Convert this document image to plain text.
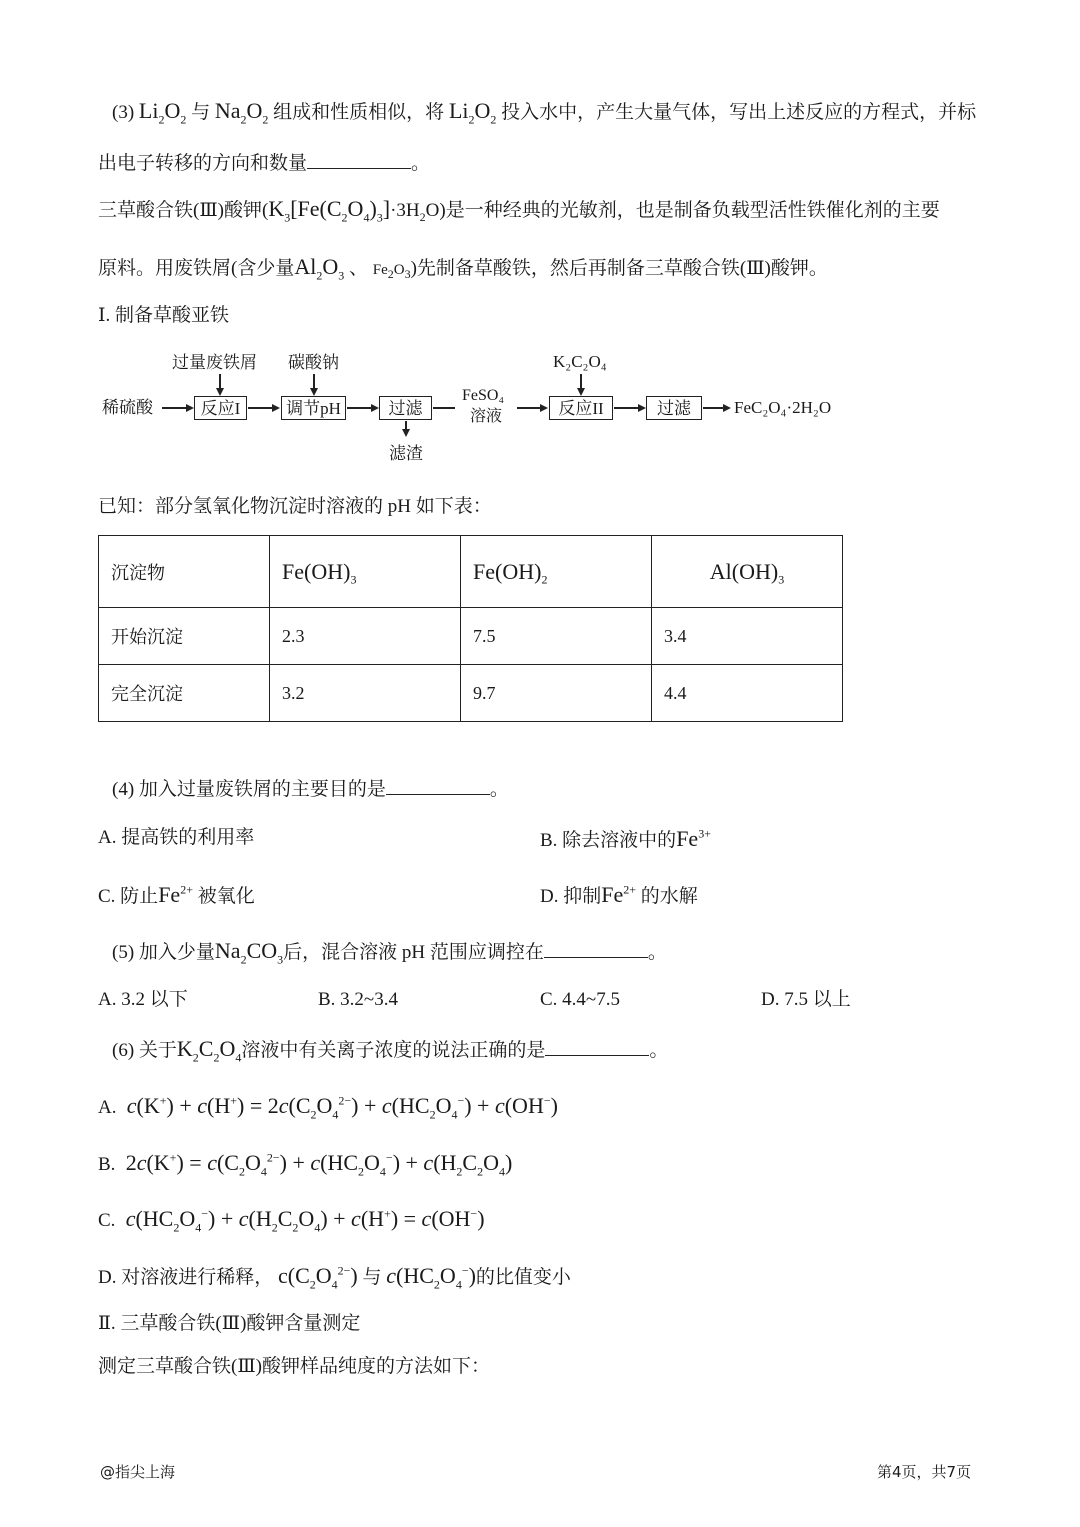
(3) $Li_2O_2$ 与 $Na_2O_2$ 组成和性质相似，将 $Li_2O_2$ 投入水中，产生大量气体，写出上述反应的方程式，并标
出电子转移的方向和数量	。
三草酸合铁(Ⅲ)酸钾$(K_3[Fe(C_2O_4)_3]\cdot 3H_2O)$是一种经典的光敏剂，也是制备负载型活性铁催化剂的主要
原料。用废铁屑(含少量$Al_2O_3$ 、 $Fe_2O_3$)先制备草酸铁，然后再制备三草酸合铁(Ⅲ)酸钾。
Ⅰ. 制备草酸亚铁
稀硫酸	反应I
过量废铁屑
调节pH
碳酸钠
过滤
滤渣
FeSO₄
溶液	反应II
K₂C₂O₄
过滤	FeC₂O₄·2H₂O
已知：部分氢氧化物沉淀时溶液的 pH 如下表：
沉淀物	$Fe(OH)_3$	$Fe(OH)_2$	$Al(OH)_3$
开始沉淀	2.3	7.5	3.4
完全沉淀	3.2	9.7	4.4
(4) 加入过量废铁屑的主要目的是	。
A. 提高铁的利用率	B. 除去溶液中的$Fe^{3+}$
C. 防止$Fe^{2+}$ 被氧化	D. 抑制$Fe^{2+}$ 的水解
(5) 加入少量$Na_2CO_3$后，混合溶液 pH 范围应调控在	。
A. 3.2 以下	B. 3.2~3.4	C. 4.4~7.5	D. 7.5 以上
(6) 关于$K_2C_2O_4$溶液中有关离子浓度的说法正确的是	。
A. $c(K^+) + c(H^+) = 2c(C_2O_4^{2-}) + c(HC_2O_4^-) + c(OH^-)$
B.  $2c(K^+) = c(C_2O_4^{2-}) + c(HC_2O_4^-) + c(H_2C_2O_4)$
C. $c(HC_2O_4^-) + c(H_2C_2O_4) + c(H^+) = c(OH^-)$
D. 对溶液进行稀释， $c(C_2O_4^{2-})$ 与 $c(HC_2O_4^-)$的比值变小
Ⅱ. 三草酸合铁(Ⅲ)酸钾含量测定
测定三草酸合铁(Ⅲ)酸钾样品纯度的方法如下：
@指尖上海	第4页，共7页
